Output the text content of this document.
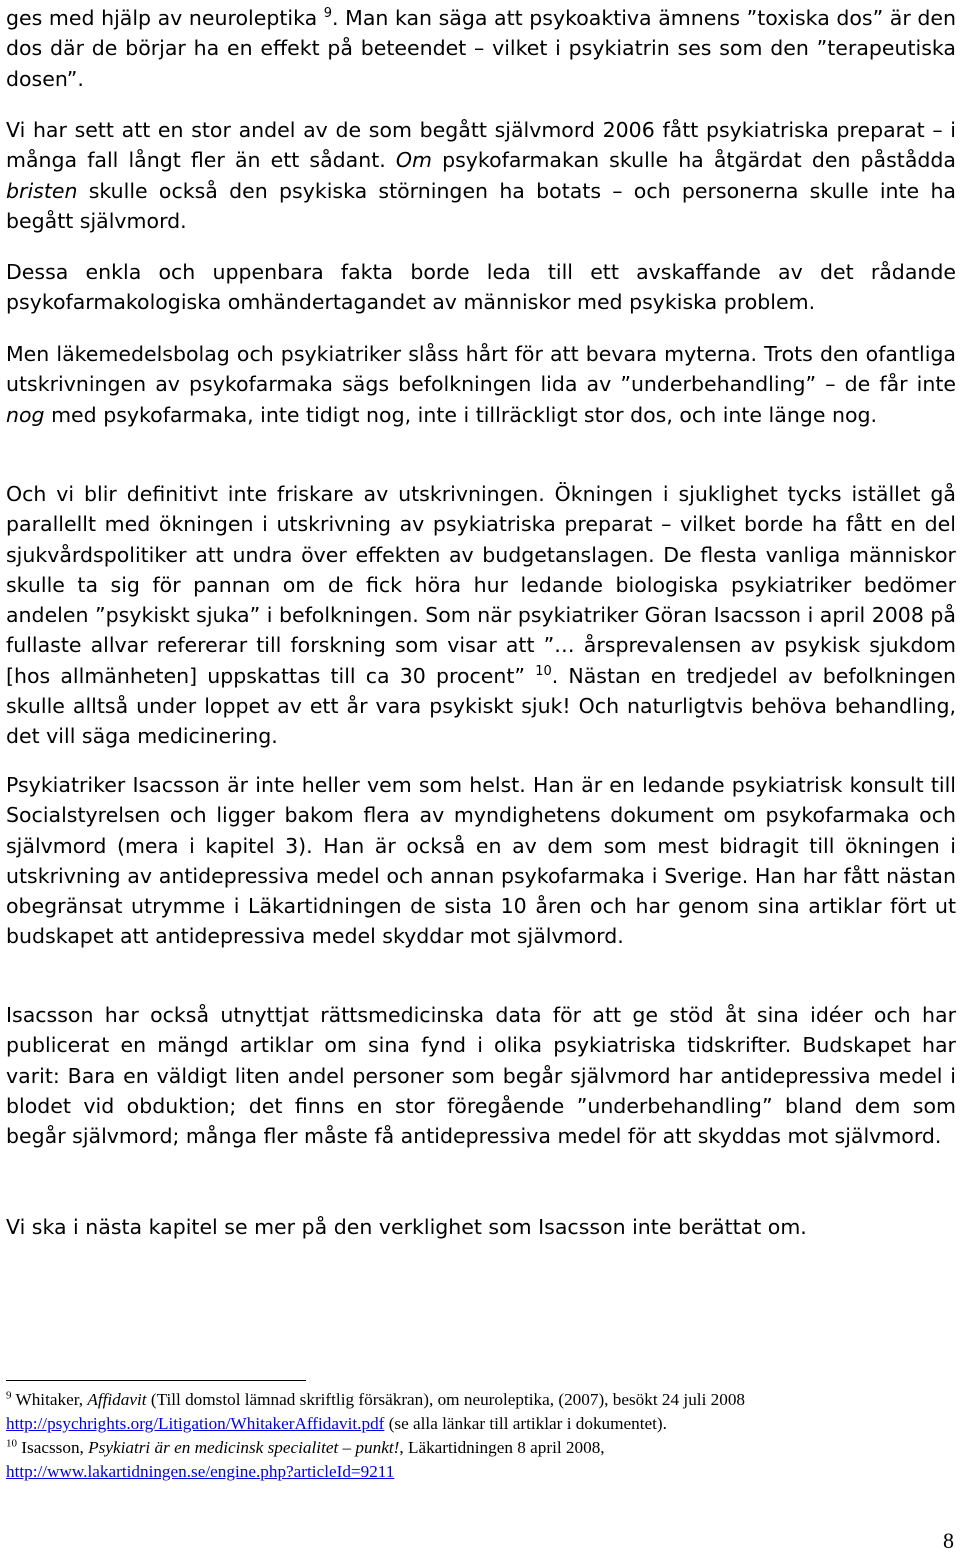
ges med hjälp av neuroleptika $^9$. Man kan säga att psykoaktiva ämnens ”toxiska dos” är den dos där de börjar ha en effekt på beteendet – vilket i psykiatrin ses som den ”terapeutiska dosen”.

Vi har sett att en stor andel av de som begått självmord 2006 fått psykiatriska preparat – i många fall långt fler än ett sådant. Om psykofarmakan skulle ha åtgärdat den påstådda bristen skulle också den psykiska störningen ha botats – och personerna skulle inte ha begått självmord.

Dessa enkla och uppenbara fakta borde leda till ett avskaffande av det rådande psykofarmakologiska omhändertagandet av människor med psykiska problem.

Men läkemedelsbolag och psykiatriker slåss hårt för att bevara myterna. Trots den ofantliga utskrivningen av psykofarmaka sägs befolkningen lida av ”underbehandling” – de får inte nog med psykofarmaka, inte tidigt nog, inte i tillräckligt stor dos, och inte länge nog.

Och vi blir definitivt inte friskare av utskrivningen. Ökningen i sjuklighet tycks istället gå parallellt med ökningen i utskrivning av psykiatriska preparat – vilket borde ha fått en del sjukvårdspolitiker att undra över effekten av budgetanslagen. De flesta vanliga människor skulle ta sig för pannan om de fick höra hur ledande biologiska psykiatriker bedömer andelen ”psykiskt sjuka” i befolkningen. Som när psykiatriker Göran Isacsson i april 2008 på fullaste allvar refererar till forskning som visar att ”… årsprevalensen av psykisk sjukdom [hos allmänheten] uppskattas till ca 30 procent” $^{10}$. Nästan en tredjedel av befolkningen skulle alltså under loppet av ett år vara psykiskt sjuk! Och naturligtvis behöva behandling, det vill säga medicinering.

Psykiatriker Isacsson är inte heller vem som helst. Han är en ledande psykiatrisk konsult till Socialstyrelsen och ligger bakom flera av myndighetens dokument om psykofarmaka och självmord (mera i kapitel 3). Han är också en av dem som mest bidragit till ökningen i utskrivning av antidepressiva medel och annan psykofarmaka i Sverige. Han har fått nästan obegränsat utrymme i Läkartidningen de sista 10 åren och har genom sina artiklar fört ut budskapet att antidepressiva medel skyddar mot självmord.

Isacsson har också utnyttjat rättsmedicinska data för att ge stöd åt sina idéer och har publicerat en mängd artiklar om sina fynd i olika psykiatriska tidskrifter. Budskapet har varit: Bara en väldigt liten andel personer som begår självmord har antidepressiva medel i blodet vid obduktion; det finns en stor föregående ”underbehandling” bland dem som begår självmord; många fler måste få antidepressiva medel för att skyddas mot självmord.

Vi ska i nästa kapitel se mer på den verklighet som Isacsson inte berättat om.

$^9$ Whitaker, Affidavit (Till domstol lämnad skriftlig försäkran), om neuroleptika, (2007), besökt 24 juli 2008
http://psychrights.org/Litigation/WhitakerAffidavit.pdf (se alla länkar till artiklar i dokumentet).

$^{10}$ Isacsson, Psykiatri är en medicinsk specialitet – punkt!, Läkartidningen 8 april 2008,
http://www.lakartidningen.se/engine.php?articleId=9211

8
